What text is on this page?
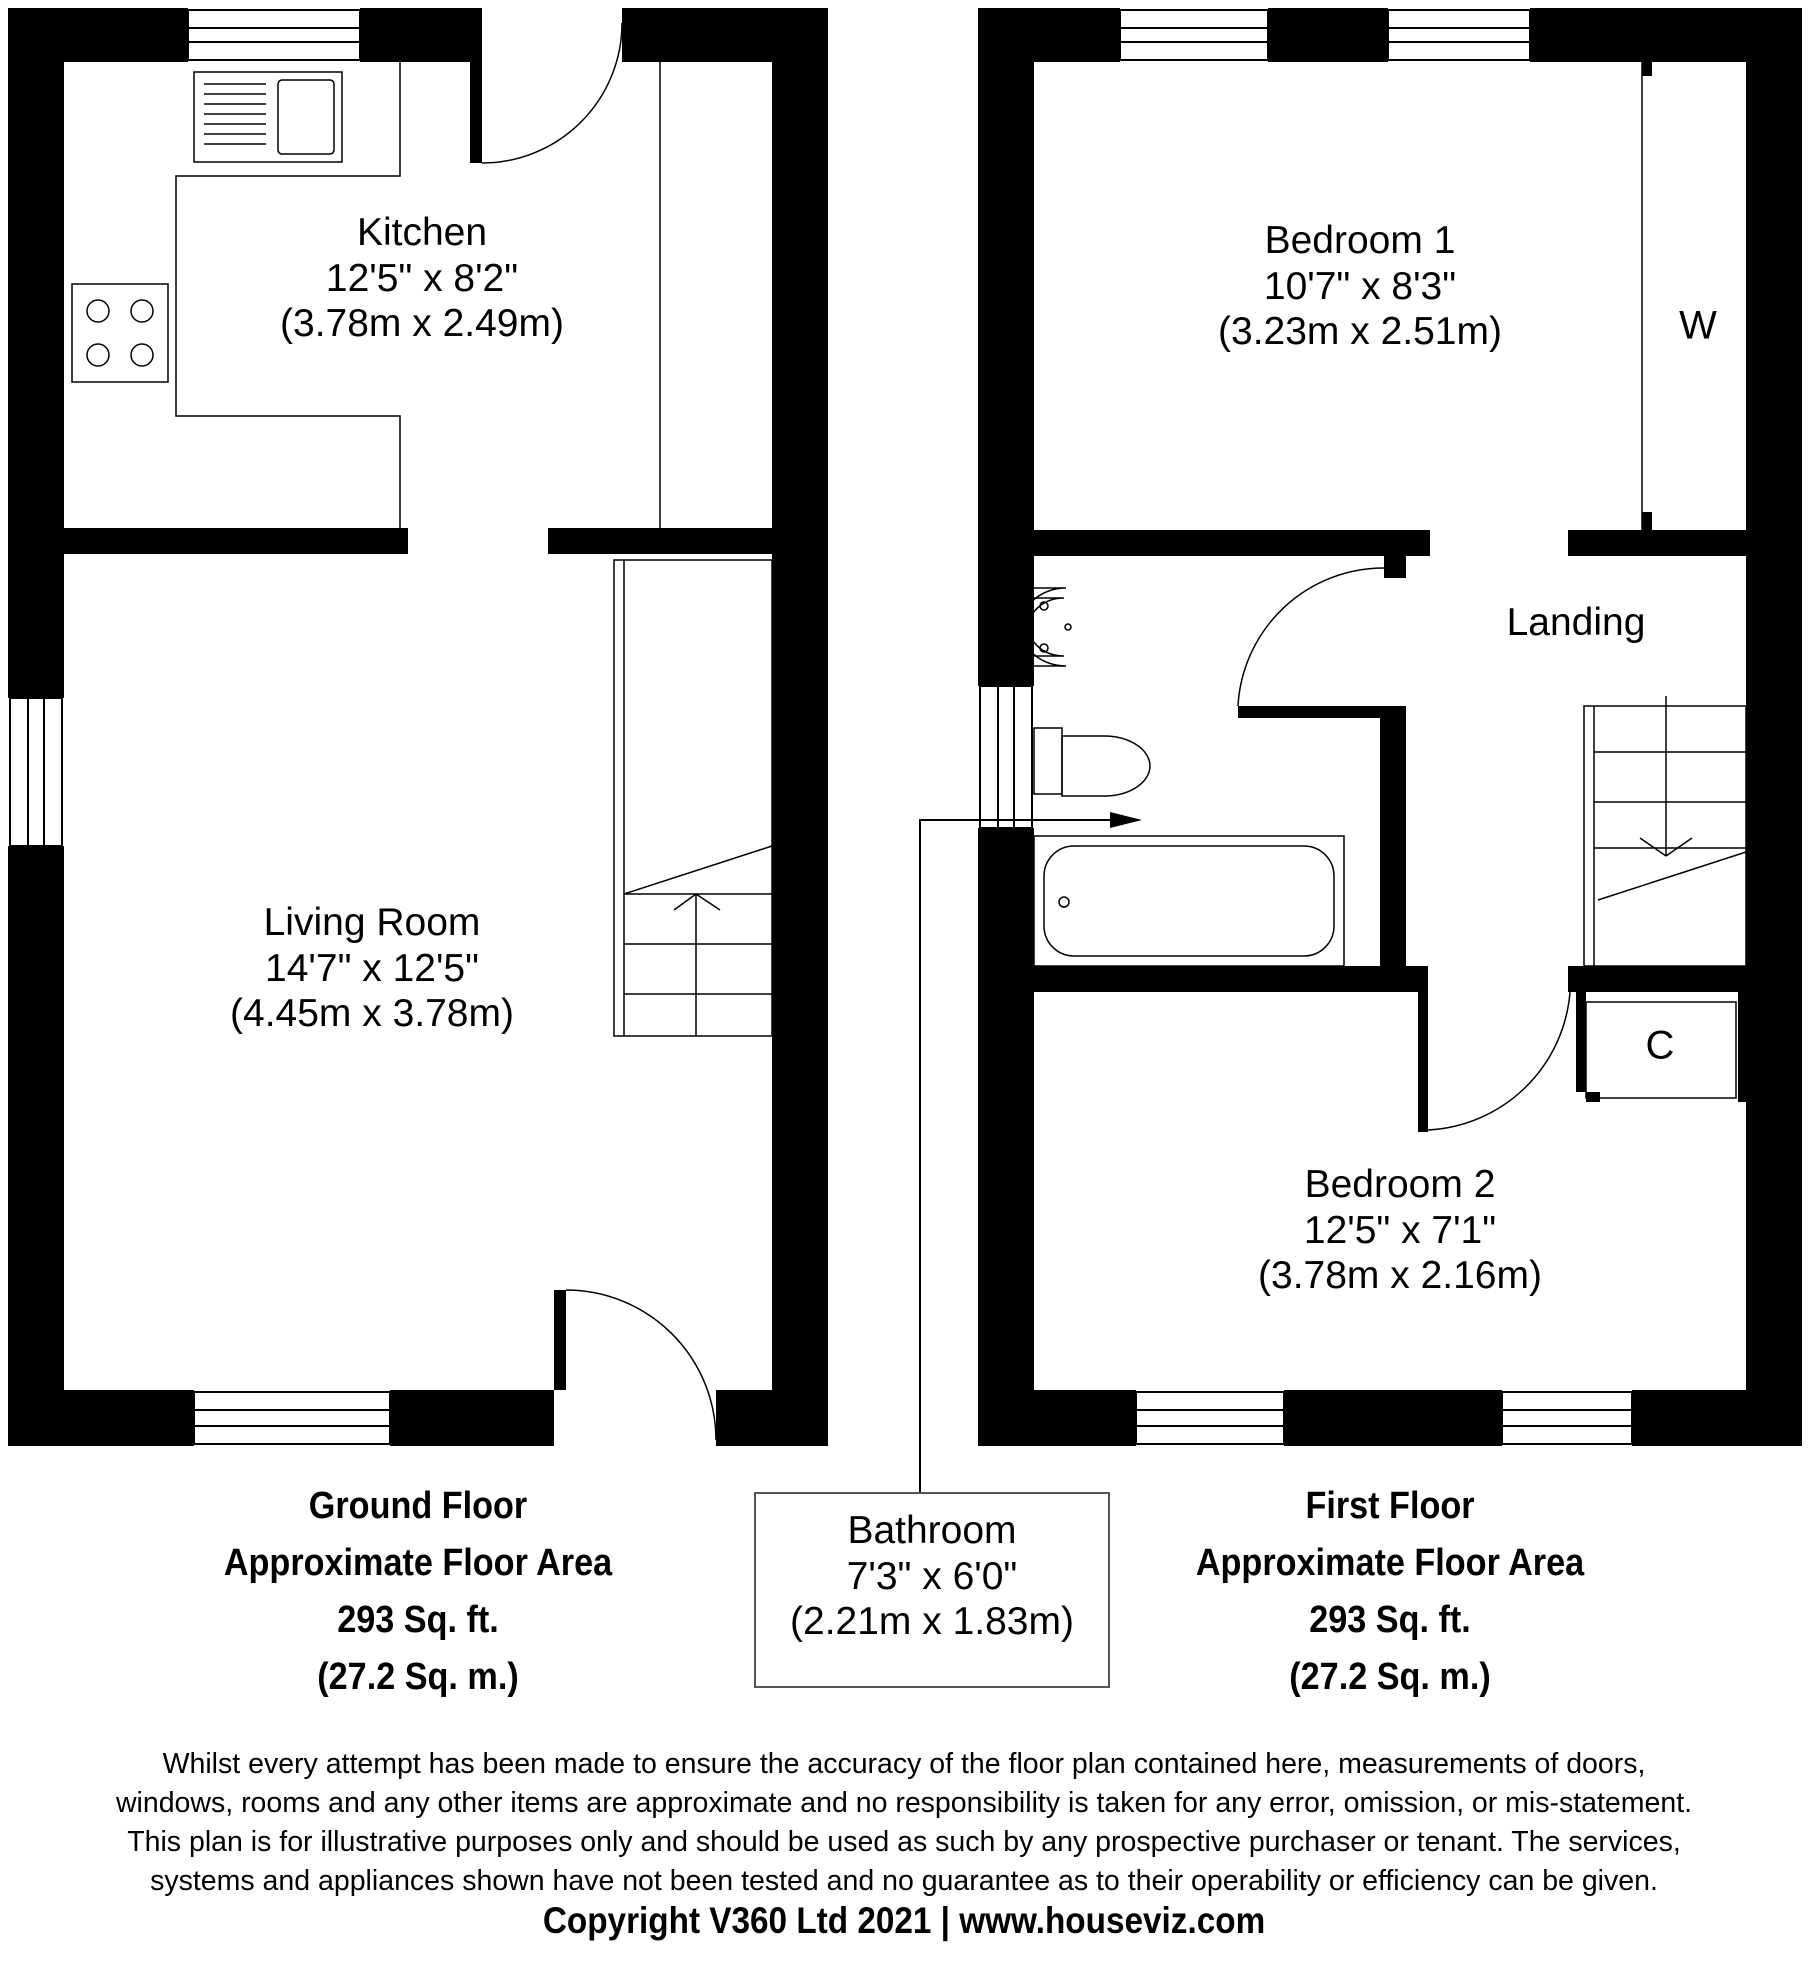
Kitchen
12'5" x 8'2"
(3.78m x 2.49m)
Living Room
14'7" x 12'5"
(4.45m x 3.78m)
Bedroom 1
10'7" x 8'3"
(3.23m x 2.51m)
Landing
Bedroom 2
12'5" x 7'1"
(3.78m x 2.16m)
Bathroom
7'3" x 6'0"
(2.21m x 1.83m)
W
C
Ground Floor
Approximate Floor Area
293 Sq. ft.
(27.2 Sq. m.)
First Floor
Approximate Floor Area
293 Sq. ft.
(27.2 Sq. m.)
Whilst every attempt has been made to ensure the accuracy of the floor plan contained here, measurements of doors,
windows, rooms and any other items are approximate and no responsibility is taken for any error, omission, or mis-statement.
This plan is for illustrative purposes only and should be used as such by any prospective purchaser or tenant. The services,
systems and appliances shown have not been tested and no guarantee as to their operability or efficiency can be given.
Copyright V360 Ltd 2021 | www.houseviz.com
